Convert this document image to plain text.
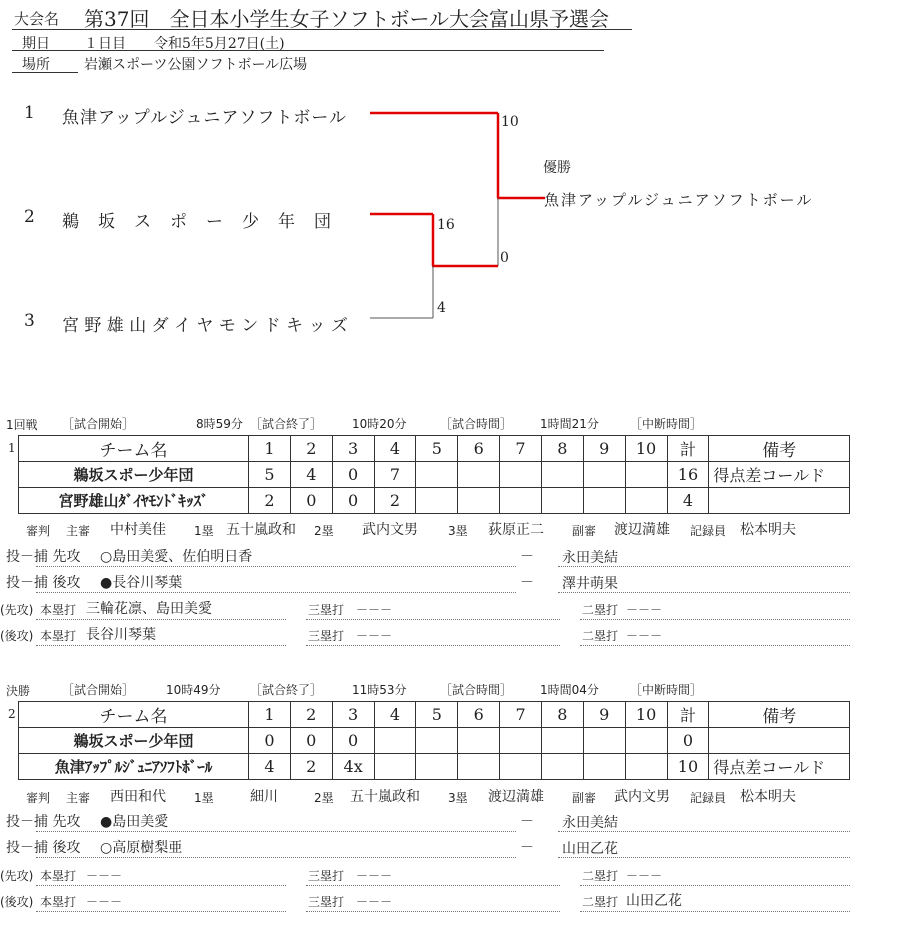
大会名 第37回　全日本小学生女子ソフトボール大会富山県予選会
期日 １日目　　令和5年5月27日(土)
場所 岩瀬スポーツ公園ソフトボール広場
1 魚津アップルジュニアソフトボール
2 鵜　坂　ス　ポ　ー　少　年　団
3 宮 野 雄 山 ダ イ ヤ モ ン ド キ ッ ズ
10
0
16
4
優勝
魚津アップルジュニアソフトボール
1回戦 ［試合開始］	8時59分 ［試合終了］ 10時20分	［試合時間］ 1時間21分	［中断時間］
1	チーム名	1	2	3	4	5	6	7	8	9	10	計	備考
鵜坂スポー少年団	5	4	0	7							16	得点差コールド
宮野雄山ﾀﾞｲﾔﾓﾝﾄﾞｷｯｽﾞ	2	0	0	2							4	
審判 主審 中村美佳 1塁 五十嵐政和 2塁 武内文男	3塁 荻原正二 副審 渡辺満雄 記録員 松本明夫
投－捕 先攻 ○島田美愛、佐伯明日香	－ 永田美結
投－捕 後攻 ●長谷川琴葉	－ 澤井萌果
(先攻) 本塁打 三輪花凛、島田美愛	三塁打 －－－	二塁打 －－－
(後攻) 本塁打 長谷川琴葉	三塁打 －－－	二塁打 －－－
決勝	［試合開始］	10時49分 ［試合終了］ 11時53分	［試合時間］ 1時間04分	［中断時間］
2	チーム名	1	2	3	4	5	6	7	8	9	10	計	備考
鵜坂スポー少年団	0	0	0								0	
魚津ｱｯﾌﾟﾙｼﾞｭﾆｱｿﾌﾄﾎﾞｰﾙ	4	2	4x								10	得点差コールド
審判 主審 西田和代 1塁	細川	2塁 五十嵐政和 3塁 渡辺満雄 副審 武内文男 記録員 松本明夫
投－捕 先攻 ●島田美愛	－ 永田美結
投－捕 後攻 ○高原樹梨亜	－ 山田乙花
(先攻) 本塁打 －－－	三塁打 －－－	二塁打 －－－
(後攻) 本塁打 －－－	三塁打 －－－	二塁打 山田乙花
